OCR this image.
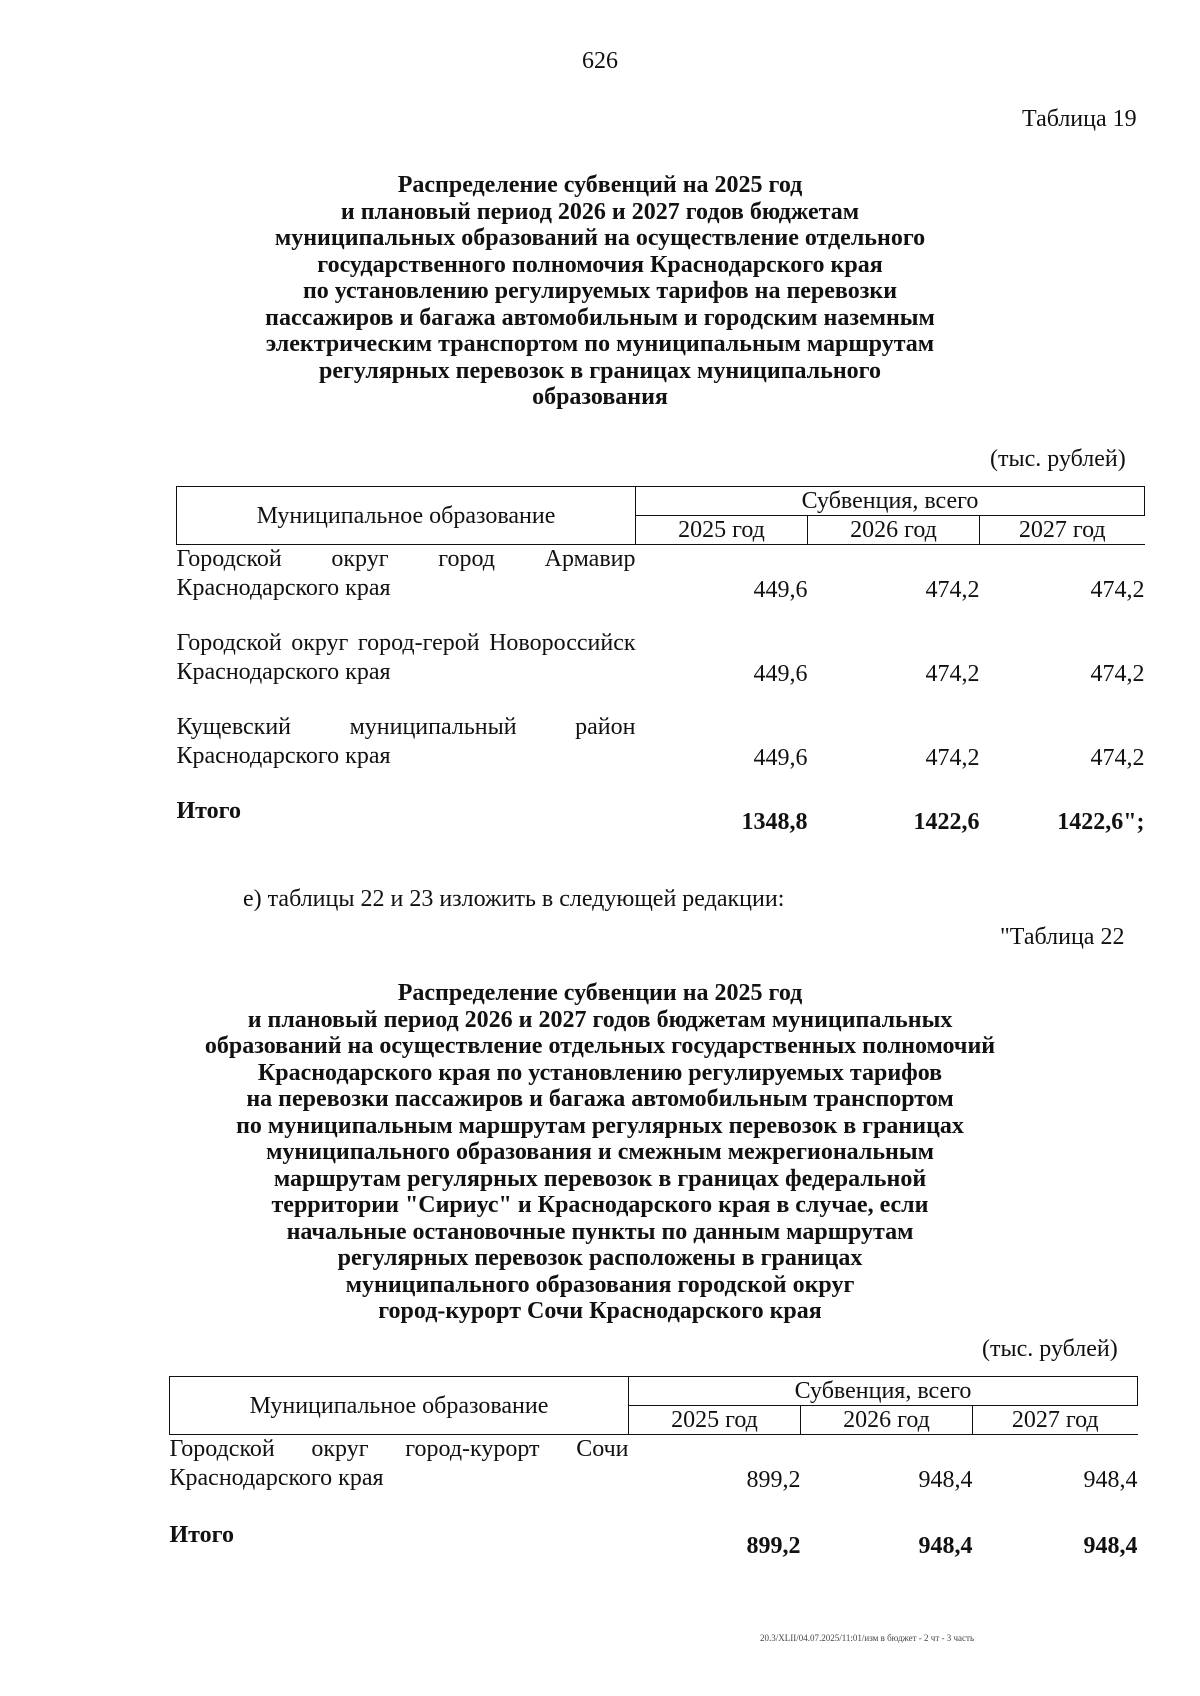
626
Таблица 19
Распределение субвенций на 2025 год
и плановый период 2026 и 2027 годов бюджетам
муниципальных образований на осуществление отдельного
государственного полномочия Краснодарского края
по установлению регулируемых тарифов на перевозки
пассажиров и багажа автомобильным и городским наземным
электрическим транспортом по муниципальным маршрутам
регулярных перевозок в границах муниципального
образования
(тыс. рублей)
Муниципальное образование	Субвенция, всего		
	2025 год	2026 год	2027 год
Городской округ город Армавир Краснодарского края	449,6	474,2	474,2
Городской округ город-герой Новороссийск Краснодарского края	449,6	474,2	474,2
Кущевский муниципальный район Краснодарского края	449,6	474,2	474,2
Итого	1348,8	1422,6	1422,6";
е) таблицы 22 и 23 изложить в следующей редакции:
"Таблица 22
Распределение субвенции на 2025 год
и плановый период 2026 и 2027 годов бюджетам муниципальных
образований на осуществление отдельных государственных полномочий
Краснодарского края по установлению регулируемых тарифов
на перевозки пассажиров и багажа автомобильным транспортом
по муниципальным маршрутам регулярных перевозок в границах
муниципального образования и смежным межрегиональным
маршрутам регулярных перевозок в границах федеральной
территории "Сириус" и Краснодарского края в случае, если
начальные остановочные пункты по данным маршрутам
регулярных перевозок расположены в границах
муниципального образования городской округ
город-курорт Сочи Краснодарского края
(тыс. рублей)
Муниципальное образование	Субвенция, всего		
	2025 год	2026 год	2027 год
Городской округ город-курорт Сочи Краснодарского края	899,2	948,4	948,4
Итого	899,2	948,4	948,4
20.3/XLII/04.07.2025/11:01/изм в бюджет - 2 чт - 3 часть
